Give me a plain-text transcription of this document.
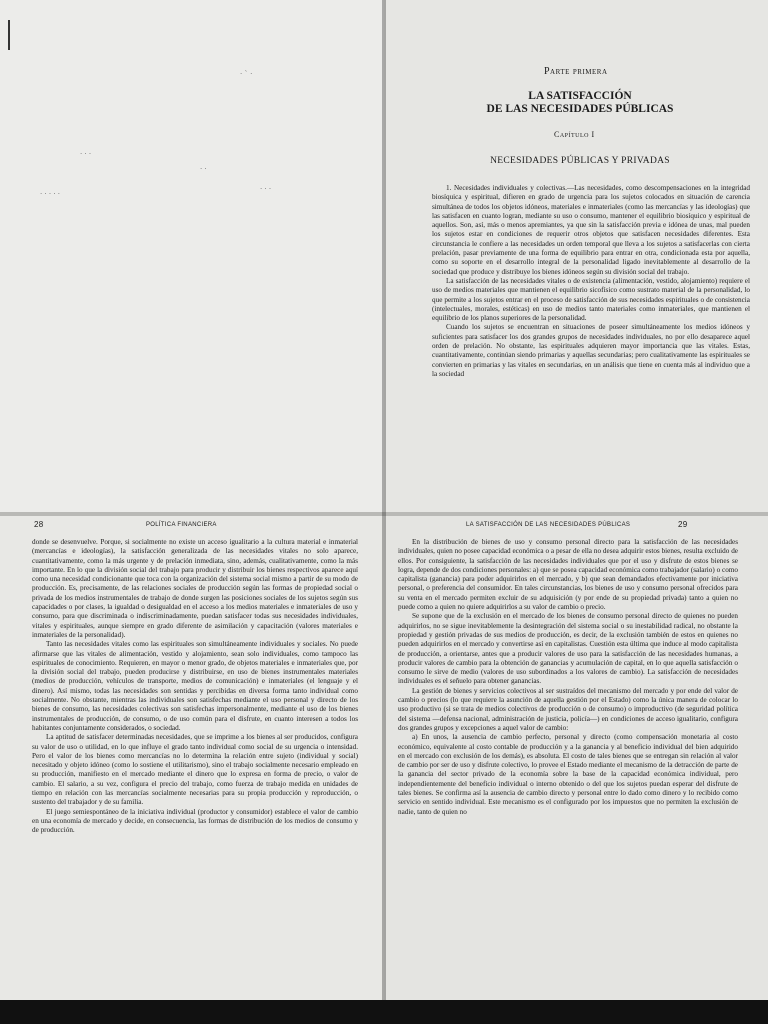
· ` ·
· · ·
· ·
· · · · ·
· · ·
Parte primera
LA SATISFACCIÓN
DE LAS NECESIDADES PÚBLICAS
Capítulo I
NECESIDADES PÚBLICAS Y PRIVADAS

1. Necesidades individuales y colectivas.—Las necesidades, como descompensaciones en la integridad biosíquica y espiritual, difieren en grado de urgencia para los sujetos colocados en situación de carencia simultánea de todos los objetos idóneos, materiales e inmateriales (como las mercancías y las ideologías) que las satisfacen en cuanto logran, mediante su uso o consumo, mantener el equilibrio biosíquico y espiritual de aquellos. Son, así, más o menos apremiantes, ya que sin la satisfacción previa e idónea de unas, mal pueden los sujetos estar en condiciones de requerir otros objetos que satisfacen necesidades diferentes. Esta circunstancia le confiere a las necesidades un orden temporal que lleva a los sujetos a satisfacerlas con cierta prelación, pasar previamente de una forma de equilibrio para entrar en otra, condicionada esta por aquella, como su soporte en el desarrollo integral de la personalidad ligado inevitablemente al desarrollo de la sociedad que produce y distribuye los bienes idóneos según su división social del trabajo.

La satisfacción de las necesidades vitales o de existencia (alimentación, vestido, alojamiento) requiere el uso de medios materiales que mantienen el equilibrio sicofísico como sustrato material de la personalidad, lo que permite a los sujetos entrar en el proceso de satisfacción de sus necesidades espirituales o de consistencia (intelectuales, morales, estéticas) en uso de medios tanto materiales como inmateriales, que mantienen el equilibrio de los planos superiores de la personalidad.

Cuando los sujetos se encuentran en situaciones de poseer simultáneamente los medios idóneos y suficientes para satisfacer los dos grandes grupos de necesidades individuales, no por ello desaparece aquel orden de prelación. No obstante, las espirituales adquieren mayor importancia que las vitales. Estas, cuantitativamente, continúan siendo primarias y aquellas secundarias; pero cualitativamente las espirituales se convierten en primarias y las vitales en secundarias, en un análisis que tiene en cuenta más al individuo que a la sociedad

28	POLÍTICA FINANCIERA

donde se desenvuelve. Porque, si socialmente no existe un acceso igualitario a la cultura material e inmaterial (mercancías e ideologías), la satisfacción generalizada de las necesidades vitales no solo aparece, cuantitativamente, como la más urgente y de prelación inmediata, sino, además, cualitativamente, como la más importante. En lo que la división social del trabajo para producir y distribuir los bienes respectivos aparece aquí como una necesidad condicionante que toca con la organización del sistema social mismo a partir de su modo de producción. Es, precisamente, de las relaciones sociales de producción según las formas de propiedad social o privada de los medios instrumentales de trabajo de donde surgen las posiciones sociales de los sujetos según sus capacidades o por clases, la igualdad o desigualdad en el acceso a los medios materiales e inmateriales de uso y consumo, para que discriminada o indiscriminadamente, puedan satisfacer todas sus necesidades individuales, vitales y espirituales, aunque siempre en grado diferente de asimilación y capacitación (valores materiales e inmateriales de la personalidad).

Tanto las necesidades vitales como las espirituales son simultáneamente individuales y sociales. No puede afirmarse que las vitales de alimentación, vestido y alojamiento, sean solo individuales, como tampoco las espirituales de conocimiento. Requieren, en mayor o menor grado, de objetos materiales e inmateriales que, por la división social del trabajo, pueden producirse y distribuirse, en uso de bienes instrumentales materiales (medios de producción, vehículos de transporte, medios de comunicación) e inmateriales (el lenguaje y el dinero). Así mismo, todas las necesidades son sentidas y percibidas en diversa forma tanto individual como socialmente. No obstante, mientras las individuales son satisfechas mediante el uso personal y directo de los bienes de consumo, las necesidades colectivas son satisfechas impersonalmente, mediante el uso de los bienes instrumentales de producción, de consumo, o de uso común para el disfrute, en cuanto interesen a todos los habitantes conjuntamente considerados, o sociedad.

La aptitud de satisfacer determinadas necesidades, que se imprime a los bienes al ser producidos, configura su valor de uso o utilidad, en lo que influye el grado tanto individual como social de su urgencia o intensidad. Pero el valor de los bienes como mercancías no lo determina la relación entre sujeto (individual y social) necesitado y objeto idóneo (como lo sostiene el utilitarismo), sino el trabajo socialmente necesario empleado en su producción, manifiesto en el mercado mediante el dinero que lo expresa en forma de precio, o valor de cambio. El salario, a su vez, configura el precio del trabajo, como fuerza de trabajo medida en unidades de tiempo en relación con las mercancías socialmente necesarias para su propia producción y reproducción, o sustento del trabajador y de su familia.

El juego semiespontáneo de la iniciativa individual (productor y consumidor) establece el valor de cambio en una economía de mercado y decide, en consecuencia, las formas de distribución de los medios de consumo y de producción.

LA SATISFACCIÓN DE LAS NECESIDADES PÚBLICAS	29

En la distribución de bienes de uso y consumo personal directo para la satisfacción de las necesidades individuales, quien no posee capacidad económica o a pesar de ella no desea adquirir estos bienes, resulta excluido de ellos. Por consiguiente, la satisfacción de las necesidades individuales que por el uso y disfrute de estos bienes se logra, depende de dos condiciones personales: a) que se posea capacidad económica como trabajador (salario) o como capitalista (ganancia) para poder adquirirlos en el mercado, y b) que sean demandados efectivamente por iniciativa personal, o preferencia del consumidor. En tales circunstancias, los bienes de uso y consumo personal ofrecidos para su venta en el mercado permiten excluir de su adquisición (y por ende de su propiedad privada) tanto a quien no puede como a quien no quiere adquirirlos a su valor de cambio o precio.

Se supone que de la exclusión en el mercado de los bienes de consumo personal directo de quienes no pueden adquirirlos, no se sigue inevitablemente la desintegración del sistema social o su inestabilidad radical, no obstante la propiedad y gestión privadas de sus medios de producción, es decir, de la exclusión también de estos en quienes no pueden adquirirlos en el mercado y convertirse así en capitalistas. Cuestión esta última que induce al modo capitalista de producción, a orientarse, antes que a producir valores de uso para la satisfacción de las necesidades humanas, a producir valores de cambio para la obtención de ganancias y acumulación de capital, en lo que aquella satisfacción o consumo le sirve de medio (valores de uso subordinados a los valores de cambio). La satisfacción de necesidades individuales es el señuelo para obtener ganancias.

La gestión de bienes y servicios colectivos al ser sustraídos del mecanismo del mercado y por ende del valor de cambio o precios (lo que requiere la asunción de aquella gestión por el Estado) como la única manera de colocar lo uso productivo (si se trata de medios colectivos de producción o de consumo) o improductivo (de seguridad política del sistema —defensa nacional, administración de justicia, policía—) en condiciones de acceso igualitario, configura dos grandes grupos y excepciones a aquel valor de cambio:

a) En unos, la ausencia de cambio perfecto, personal y directo (como compensación monetaria al costo económico, equivalente al costo contable de producción y a la ganancia y al beneficio individual del bien adquirido en el mercado con exclusión de los demás), es absoluta. El costo de tales bienes que se entregan sin relación al valor de cambio por ser de uso y disfrute colectivo, lo provee el Estado mediante el mecanismo de la detracción de parte de la ganancia del sector privado de la economía sobre la base de la capacidad económica individual, pero independientemente del beneficio individual o interno obtenido o del que los sujetos puedan esperar del disfrute de tales bienes. Se confirma así la ausencia de cambio directo y personal entre lo dado como dinero y lo recibido como servicio en sentido individual. Este mecanismo es el configurado por los impuestos que no permiten la exclusión de nadie, tanto de quien no
